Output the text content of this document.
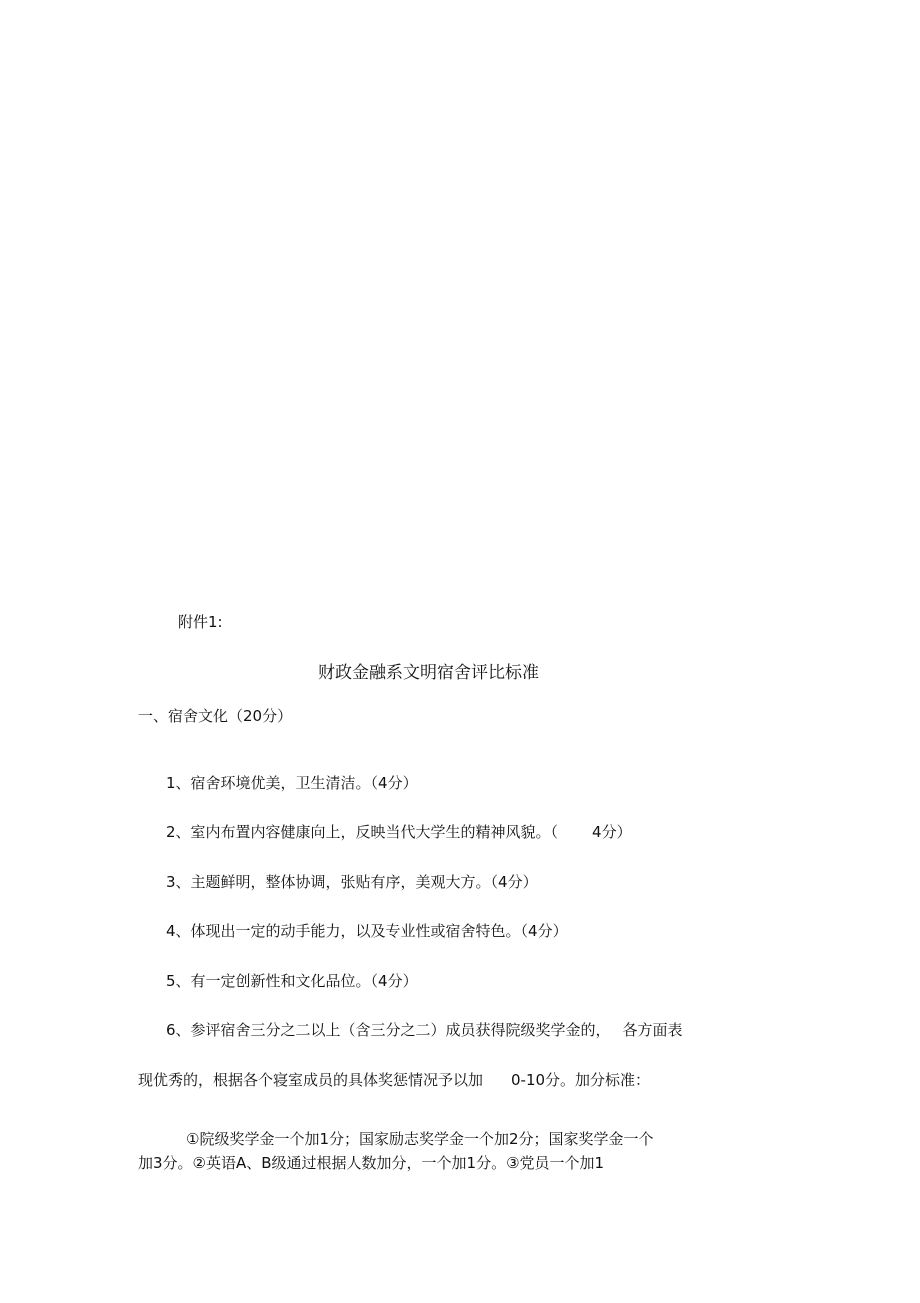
附件1:
财政金融系文明宿舍评比标准
一、宿舍文化（20分）
1、宿舍环境优美，卫生清洁。（4分）
2、室内布置内容健康向上，反映当代大学生的精神风貌。（ 4分）
3、主题鲜明，整体协调，张贴有序，美观大方。（4分）
4、体现出一定的动手能力，以及专业性或宿舍特色。（4分）
5、有一定创新性和文化品位。（4分）
6、参评宿舍三分之二以上（含三分之二）成员获得院级奖学金的， 各方面表
现优秀的，根据各个寝室成员的具体奖惩情况予以加 0-10分。加分标准：
①院级奖学金一个加1分；国家励志奖学金一个加2分；国家奖学金一个
加3分。②英语A、B级通过根据人数加分，一个加1分。③党员一个加1
